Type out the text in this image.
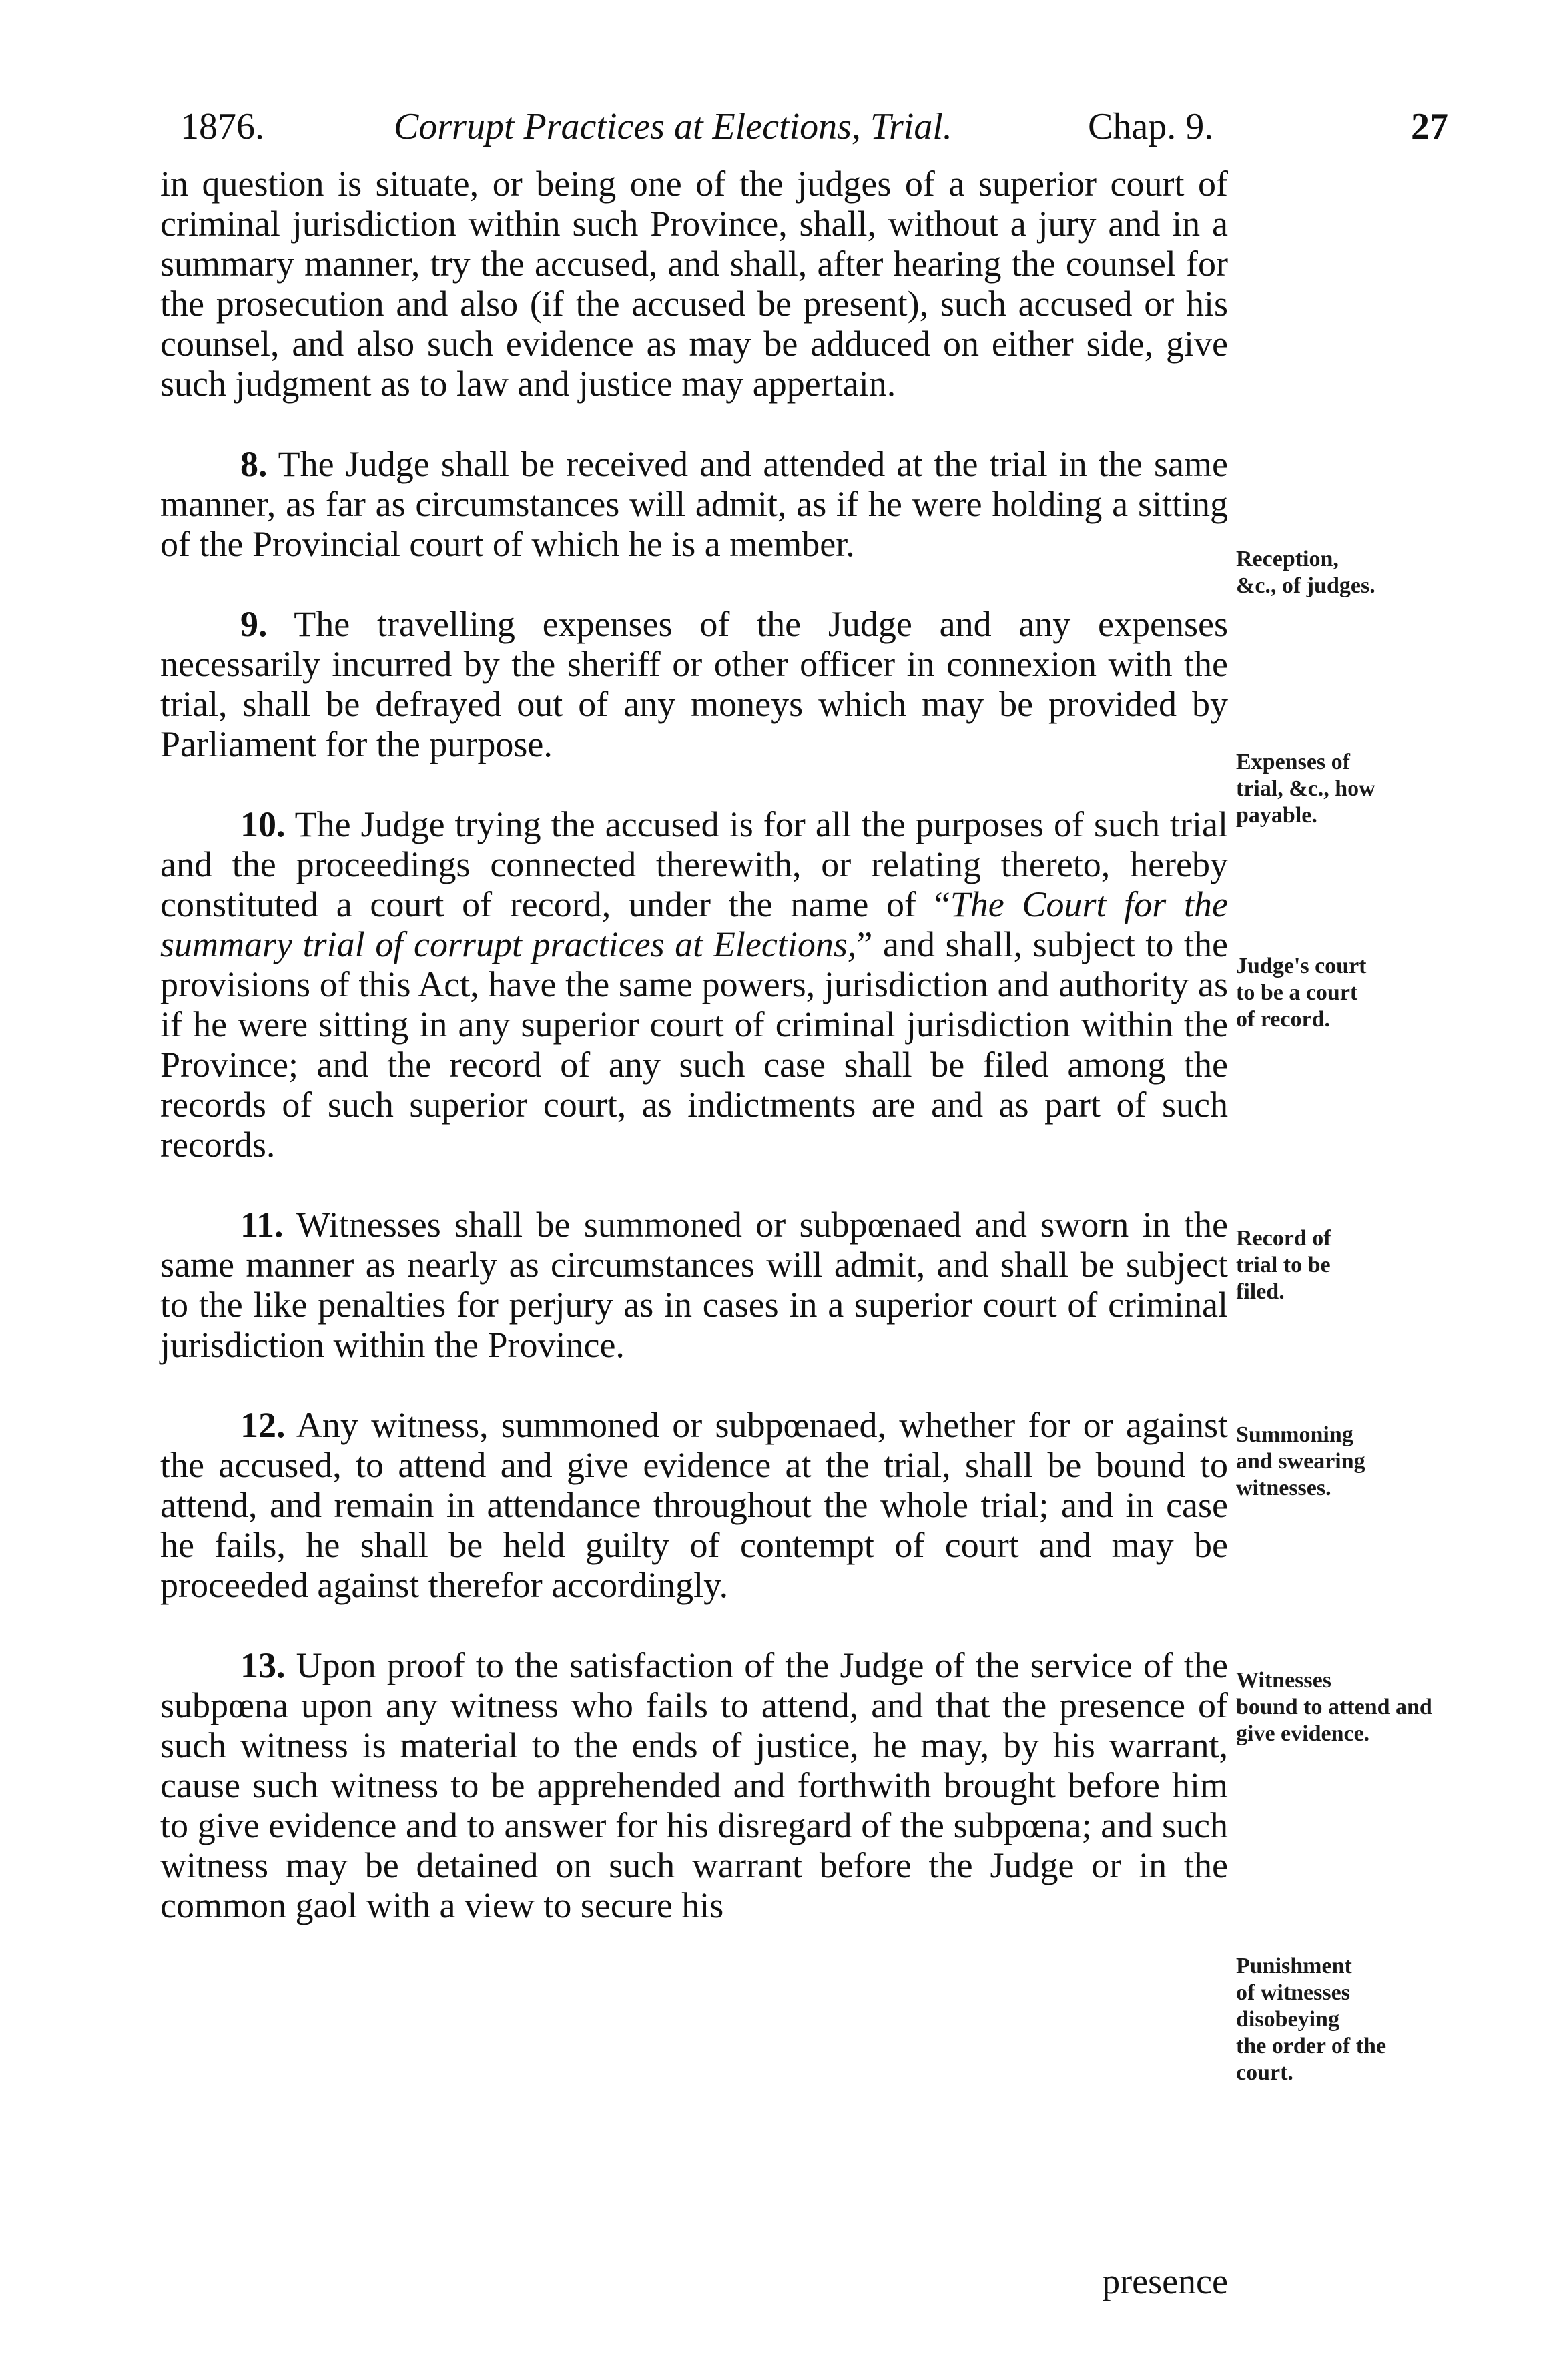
1876.	Corrupt Practices at Elections, Trial.	Chap. 9.	27

in question is situate, or being one of the judges of a superior court of criminal jurisdiction within such Province, shall, without a jury and in a summary manner, try the accused, and shall, after hearing the counsel for the prosecution and also (if the accused be present), such accused or his counsel, and also such evidence as may be adduced on either side, give such judgment as to law and justice may appertain.

8. The Judge shall be received and attended at the trial in the same manner, as far as circumstances will admit, as if he were holding a sitting of the Provincial court of which he is a member.

9. The travelling expenses of the Judge and any expenses necessarily incurred by the sheriff or other officer in connexion with the trial, shall be defrayed out of any moneys which may be provided by Parliament for the purpose.

10. The Judge trying the accused is for all the purposes of such trial and the proceedings connected therewith, or relating thereto, hereby constituted a court of record, under the name of “The Court for the summary trial of corrupt practices at Elections,” and shall, subject to the provisions of this Act, have the same powers, jurisdiction and authority as if he were sitting in any superior court of criminal jurisdiction within the Province; and the record of any such case shall be filed among the records of such superior court, as indictments are and as part of such records.

11. Witnesses shall be summoned or subpœnaed and sworn in the same manner as nearly as circumstances will admit, and shall be subject to the like penalties for perjury as in cases in a superior court of criminal jurisdiction within the Province.

12. Any witness, summoned or subpœnaed, whether for or against the accused, to attend and give evidence at the trial, shall be bound to attend, and remain in attendance throughout the whole trial; and in case he fails, he shall be held guilty of contempt of court and may be proceeded against therefor accordingly.

13. Upon proof to the satisfaction of the Judge of the service of the subpœna upon any witness who fails to attend, and that the presence of such witness is material to the ends of justice, he may, by his warrant, cause such witness to be apprehended and forthwith brought before him to give evidence and to answer for his disregard of the subpœna; and such witness may be detained on such warrant before the Judge or in the common gaol with a view to secure his

Reception,
&c., of judges.
Expenses of
trial, &c., how
payable.
Judge's court
to be a court
of record.
Record of
trial to be
filed.
Summoning
and swearing
witnesses.
Witnesses
bound to attend and
give evidence.
Punishment
of witnesses disobeying
the order of the court.
presence
